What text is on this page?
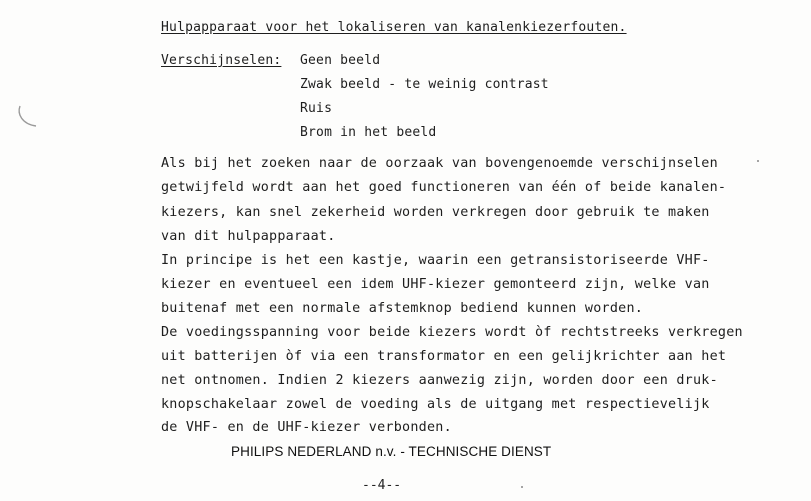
Hulpapparaat voor het lokaliseren van kanalenkiezerfouten.
Verschijnselen: Geen beeld
Zwak beeld - te weinig contrast
Ruis
Brom in het beeld
Als bij het zoeken naar de oorzaak van bovengenoemde verschijnselen
getwijfeld wordt aan het goed functioneren van één of beide kanalen-
kiezers, kan snel zekerheid worden verkregen door gebruik te maken
van dit hulpapparaat.
In principe is het een kastje, waarin een getransistoriseerde VHF-
kiezer en eventueel een idem UHF-kiezer gemonteerd zijn, welke van
buitenaf met een normale afstemknop bediend kunnen worden.
De voedingsspanning voor beide kiezers wordt òf rechtstreeks verkregen
uit batterijen òf via een transformator en een gelijkrichter aan het
net ontnomen. Indien 2 kiezers aanwezig zijn, worden door een druk-
knopschakelaar zowel de voeding als de uitgang met respectievelijk
de VHF- en de UHF-kiezer verbonden.
PHILIPS NEDERLAND n.v. - TECHNISCHE DIENST
--4--
